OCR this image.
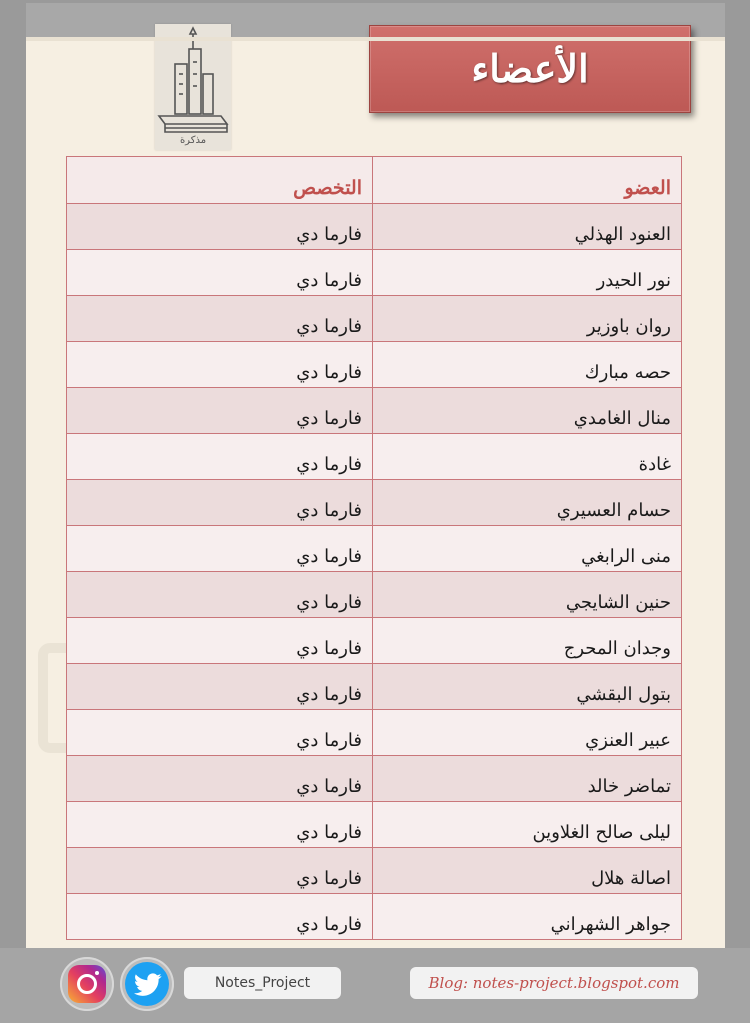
مذكرة
الأعضاء
العضو	التخصص
العنود الهذلي	فارما دي
نور الحيدر	فارما دي
روان باوزير	فارما دي
حصه مبارك	فارما دي
منال الغامدي	فارما دي
غادة	فارما دي
حسام العسيري	فارما دي
منى الرابغي	فارما دي
حنين الشايجي	فارما دي
وجدان المحرج	فارما دي
بتول البقشي	فارما دي
عبير العنزي	فارما دي
تماضر خالد	فارما دي
ليلى صالح الغلاوين	فارما دي
اصالة هلال	فارما دي
جواهر الشهراني	فارما دي
Notes_Project	Blog: notes-project.blogspot.com
